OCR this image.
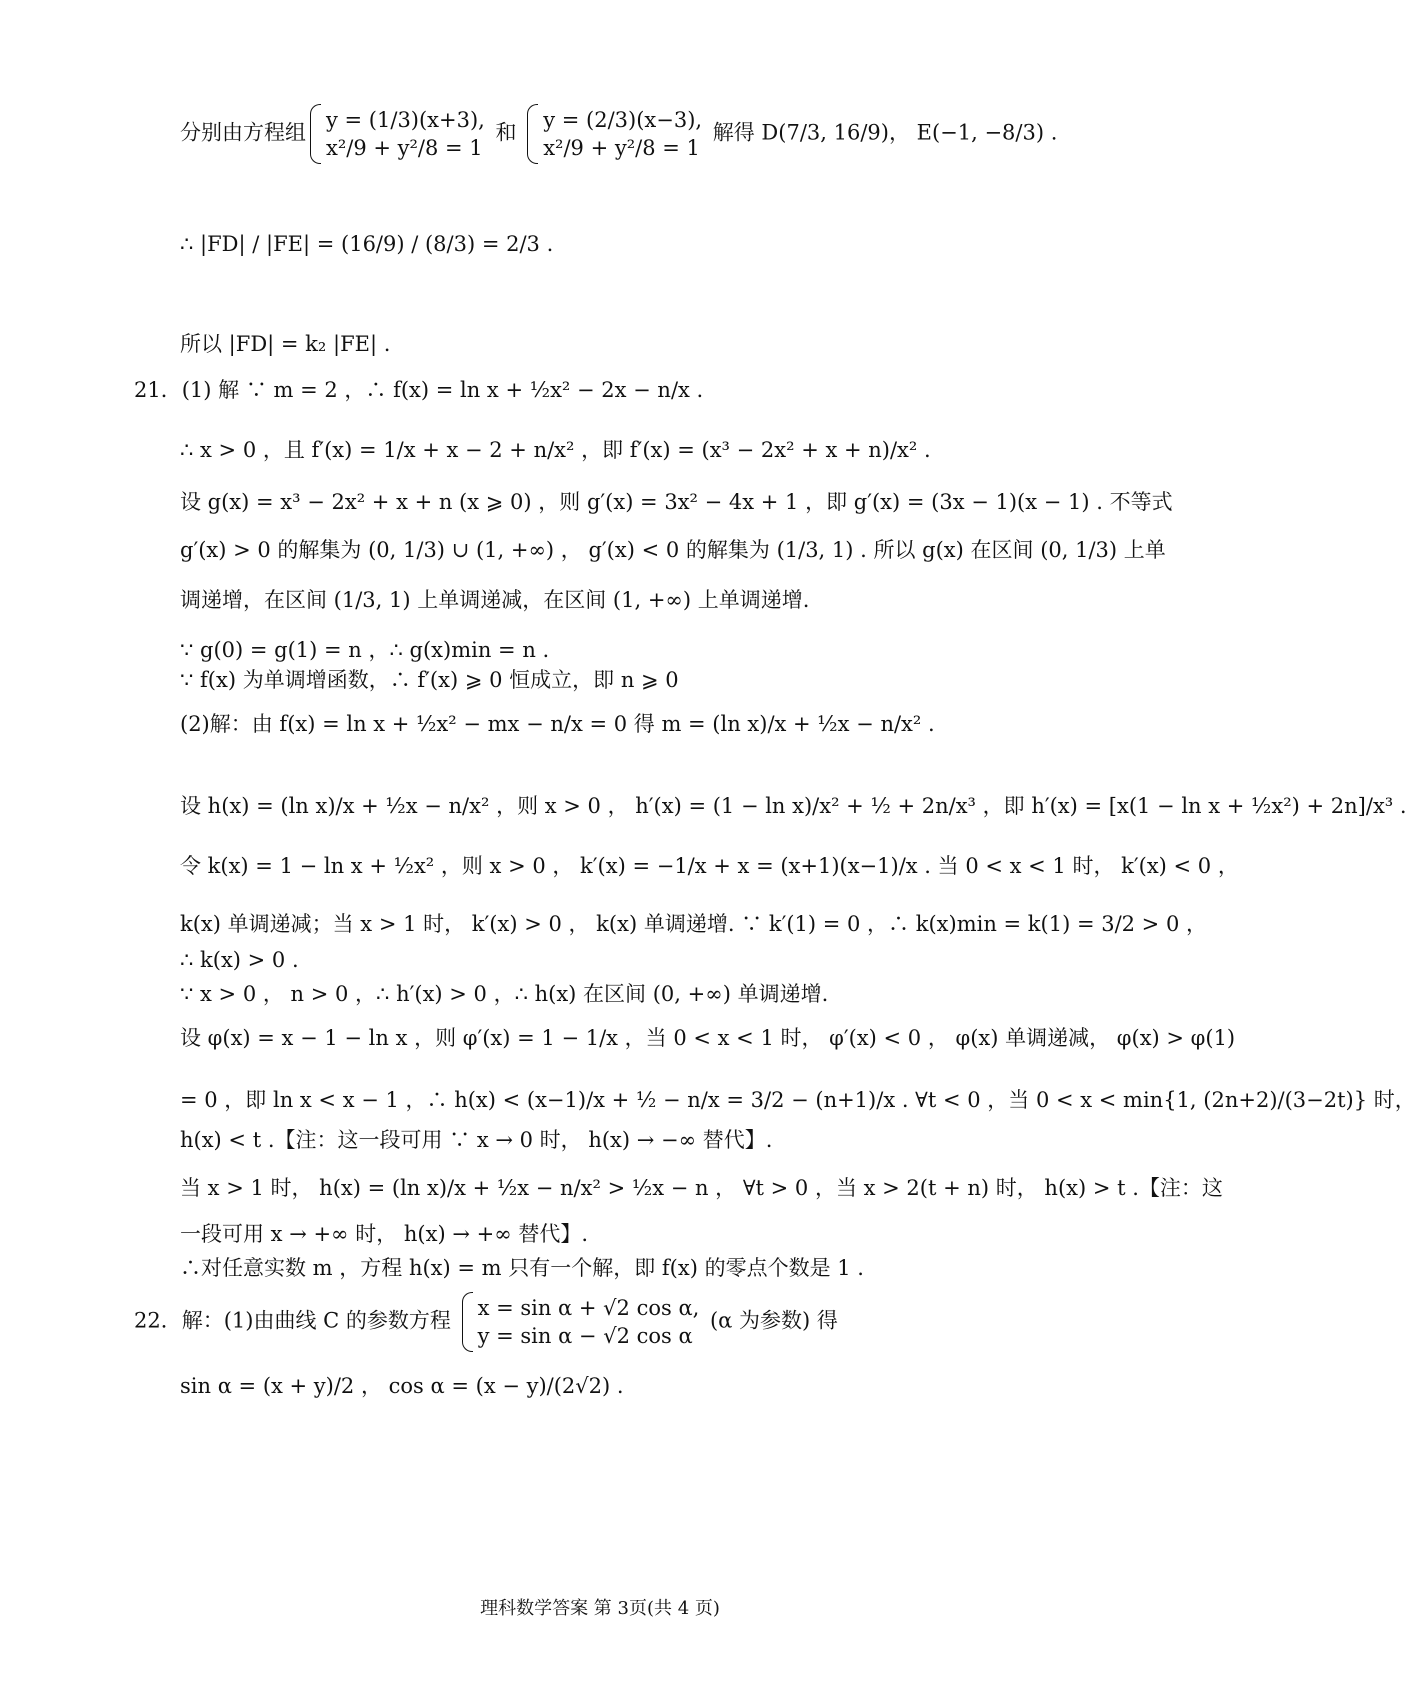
分别由方程组
y = (1/3)(x+3),
x²/9 + y²/8 = 1
和
y = (2/3)(x−3),
x²/9 + y²/8 = 1
解得 D(7/3, 16/9)， E(−1, −8/3) .
∴ |FD| / |FE| = (16/9) / (8/3) = 2/3 .
所以 |FD| = k₂ |FE| .
21．(1) 解 ∵ m = 2 ，∴ f(x) = ln x + ½x² − 2x − n/x .
∴ x > 0 ，且 f′(x) = 1/x + x − 2 + n/x² ，即 f′(x) = (x³ − 2x² + x + n)/x² .
设 g(x) = x³ − 2x² + x + n (x ⩾ 0) ，则 g′(x) = 3x² − 4x + 1 ，即 g′(x) = (3x − 1)(x − 1) . 不等式
g′(x) > 0 的解集为 (0, 1/3) ∪ (1, +∞) ， g′(x) < 0 的解集为 (1/3, 1) . 所以 g(x) 在区间 (0, 1/3) 上单
调递增，在区间 (1/3, 1) 上单调递减，在区间 (1, +∞) 上单调递增.
∵ g(0) = g(1) = n ，∴ g(x)min = n .
∵ f(x) 为单调增函数，∴ f′(x) ⩾ 0 恒成立，即 n ⩾ 0
(2)解：由 f(x) = ln x + ½x² − mx − n/x = 0 得 m = (ln x)/x + ½x − n/x² .
设 h(x) = (ln x)/x + ½x − n/x² ，则 x > 0 ， h′(x) = (1 − ln x)/x² + ½ + 2n/x³ ，即 h′(x) = [x(1 − ln x + ½x²) + 2n]/x³ .
令 k(x) = 1 − ln x + ½x² ，则 x > 0 ， k′(x) = −1/x + x = (x+1)(x−1)/x . 当 0 < x < 1 时， k′(x) < 0 ，
k(x) 单调递减；当 x > 1 时， k′(x) > 0 ， k(x) 单调递增. ∵ k′(1) = 0 ，∴ k(x)min = k(1) = 3/2 > 0 ，
∴ k(x) > 0 .
∵ x > 0 ， n > 0 ，∴ h′(x) > 0 ，∴ h(x) 在区间 (0, +∞) 单调递增.
设 φ(x) = x − 1 − ln x ，则 φ′(x) = 1 − 1/x ，当 0 < x < 1 时， φ′(x) < 0 ， φ(x) 单调递减， φ(x) > φ(1)
= 0 ，即 ln x < x − 1 ，∴ h(x) < (x−1)/x + ½ − n/x = 3/2 − (n+1)/x . ∀t < 0 ，当 0 < x < min{1, (2n+2)/(3−2t)} 时，
h(x) < t .【注：这一段可用 ∵ x → 0 时， h(x) → −∞ 替代】.
当 x > 1 时， h(x) = (ln x)/x + ½x − n/x² > ½x − n ， ∀t > 0 ，当 x > 2(t + n) 时， h(x) > t .【注：这
一段可用 x → +∞ 时， h(x) → +∞ 替代】.
∴对任意实数 m ，方程 h(x) = m 只有一个解，即 f(x) 的零点个数是 1 .
22．解：(1)由曲线 C 的参数方程
x = sin α + √2 cos α,
y = sin α − √2 cos α
(α 为参数) 得
sin α = (x + y)/2 ， cos α = (x − y)/(2√2) .
理科数学答案 第 3页(共 4 页)
